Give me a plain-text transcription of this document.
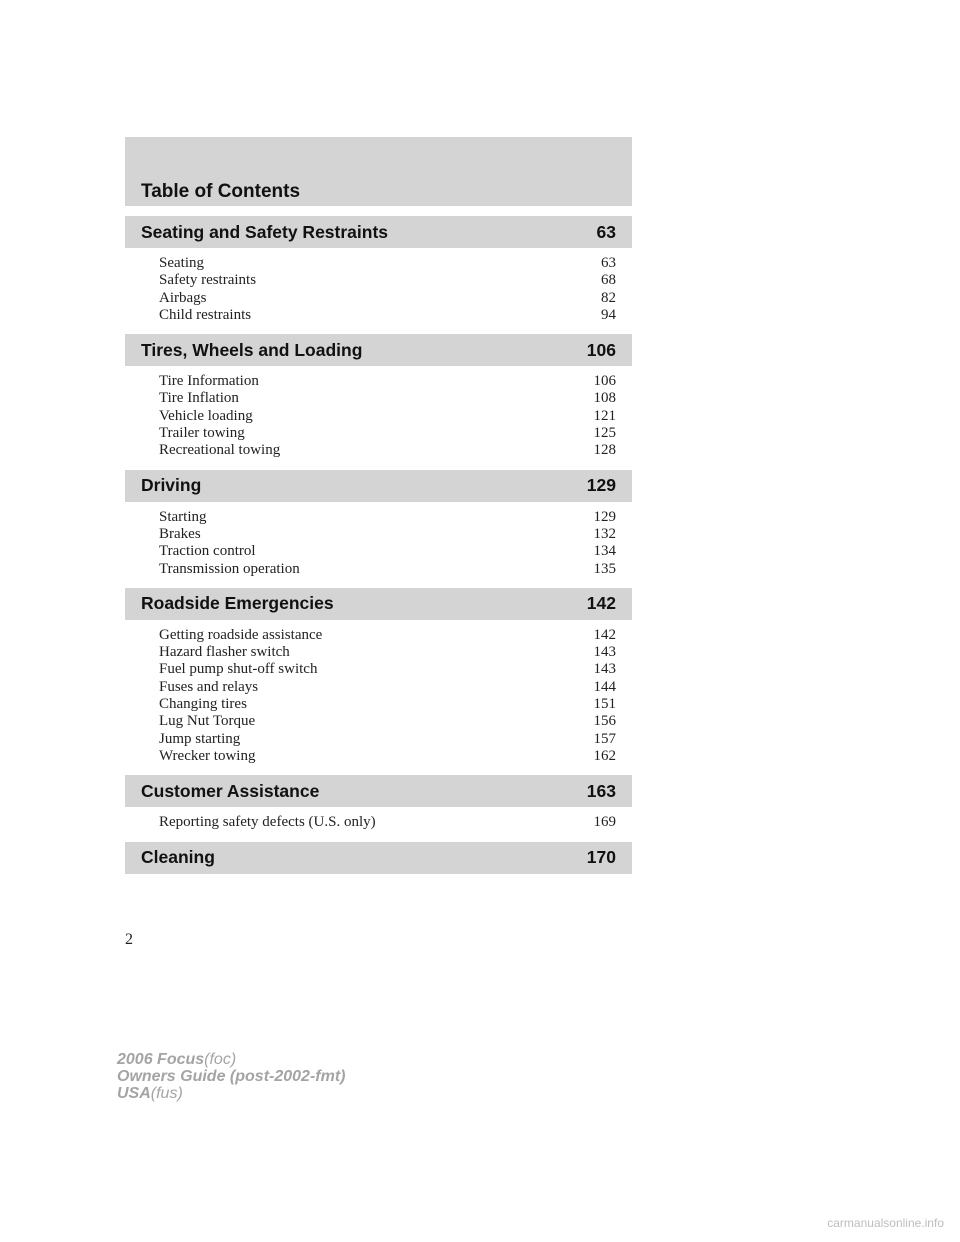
Table of Contents
Seating and Safety Restraints	63
Seating	63
Safety restraints	68
Airbags	82
Child restraints	94
Tires, Wheels and Loading	106
Tire Information	106
Tire Inflation	108
Vehicle loading	121
Trailer towing	125
Recreational towing	128
Driving	129
Starting	129
Brakes	132
Traction control	134
Transmission operation	135
Roadside Emergencies	142
Getting roadside assistance	142
Hazard flasher switch	143
Fuel pump shut-off switch	143
Fuses and relays	144
Changing tires	151
Lug Nut Torque	156
Jump starting	157
Wrecker towing	162
Customer Assistance	163
Reporting safety defects (U.S. only)	169
Cleaning	170
2
2006 Focus(foc)
Owners Guide (post-2002-fmt)
USA(fus)
carmanualsonline.info
